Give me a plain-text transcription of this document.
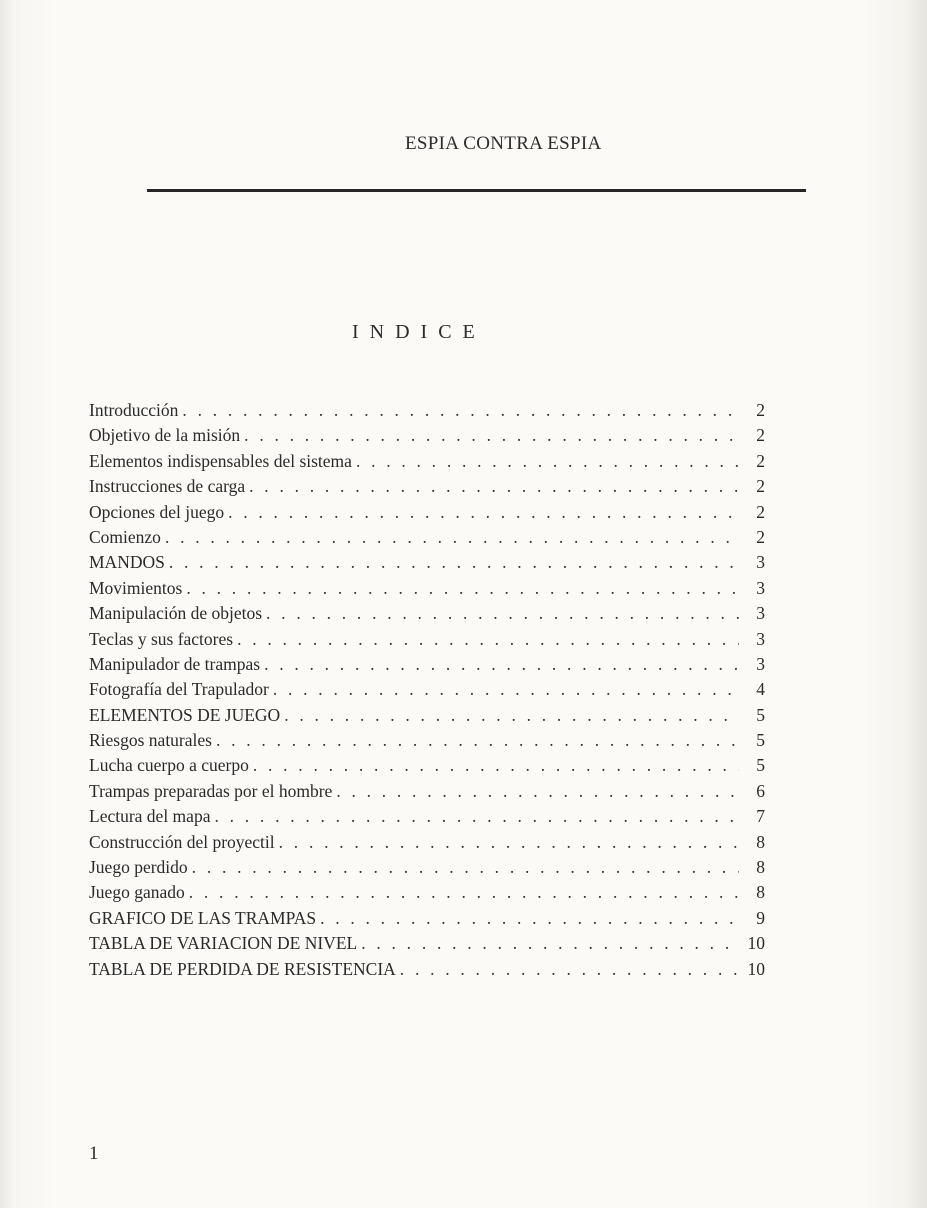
ESPIA CONTRA ESPIA
INDICE
Introducción . . .	2
Objetivo de la misión . . .	2
Elementos indispensables del sistema . . .	2
Instrucciones de carga . . .	2
Opciones del juego . . .	2
Comienzo . . .	2
MANDOS . . .	3
Movimientos . . .	3
Manipulación de objetos . . .	3
Teclas y sus factores . . .	3
Manipulador de trampas . . .	3
Fotografía del Trapulador . . .	4
ELEMENTOS DE JUEGO . . .	5
Riesgos naturales . . .	5
Lucha cuerpo a cuerpo . . .	5
Trampas preparadas por el hombre . . .	6
Lectura del mapa . . .	7
Construcción del proyectil . . .	8
Juego perdido . . .	8
Juego ganado . . .	8
GRAFICO DE LAS TRAMPAS . . .	9
TABLA DE VARIACION DE NIVEL . . .	10
TABLA DE PERDIDA DE RESISTENCIA . . .	10
1
